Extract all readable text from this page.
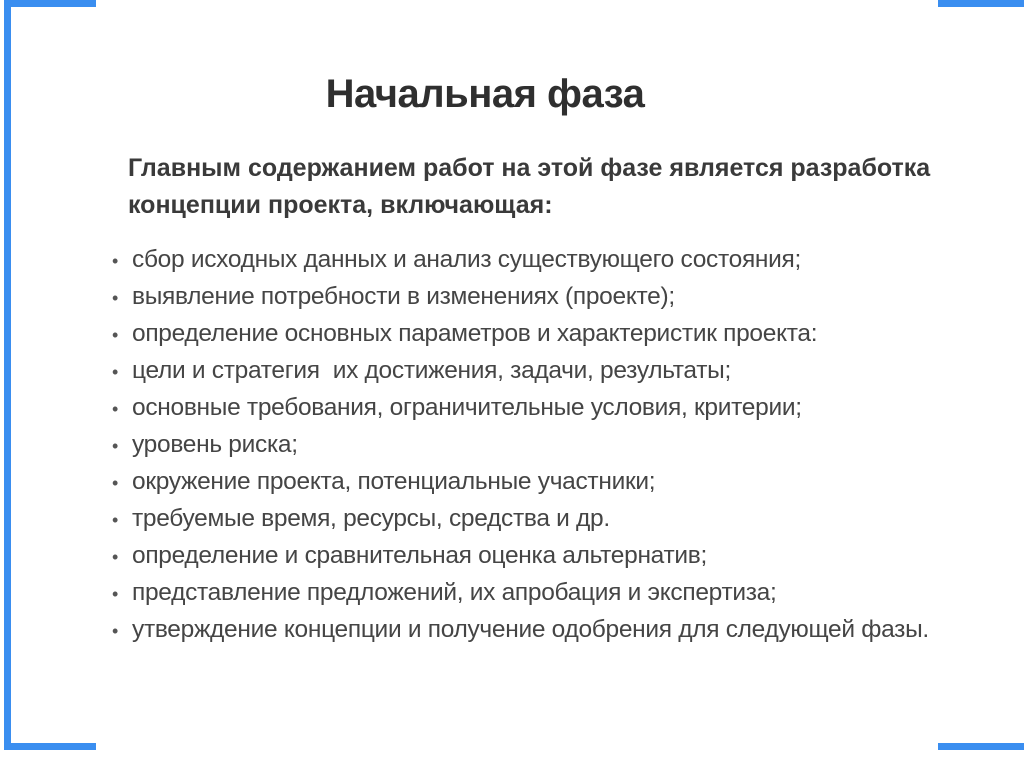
Начальная фаза
Главным содержанием работ на этой фазе является разработка
концепции проекта, включающая:
• сбор исходных данных и анализ существующего состояния;
• выявление потребности в изменениях (проекте);
• определение основных параметров и характеристик проекта:
• цели и стратегия  их достижения, задачи, результаты;
• основные требования, ограничительные условия, критерии;
• уровень риска;
• окружение проекта, потенциальные участники;
• требуемые время, ресурсы, средства и др.
• определение и сравнительная оценка альтернатив;
• представление предложений, их апробация и экспертиза;
• утверждение концепции и получение одобрения для следующей фазы.
